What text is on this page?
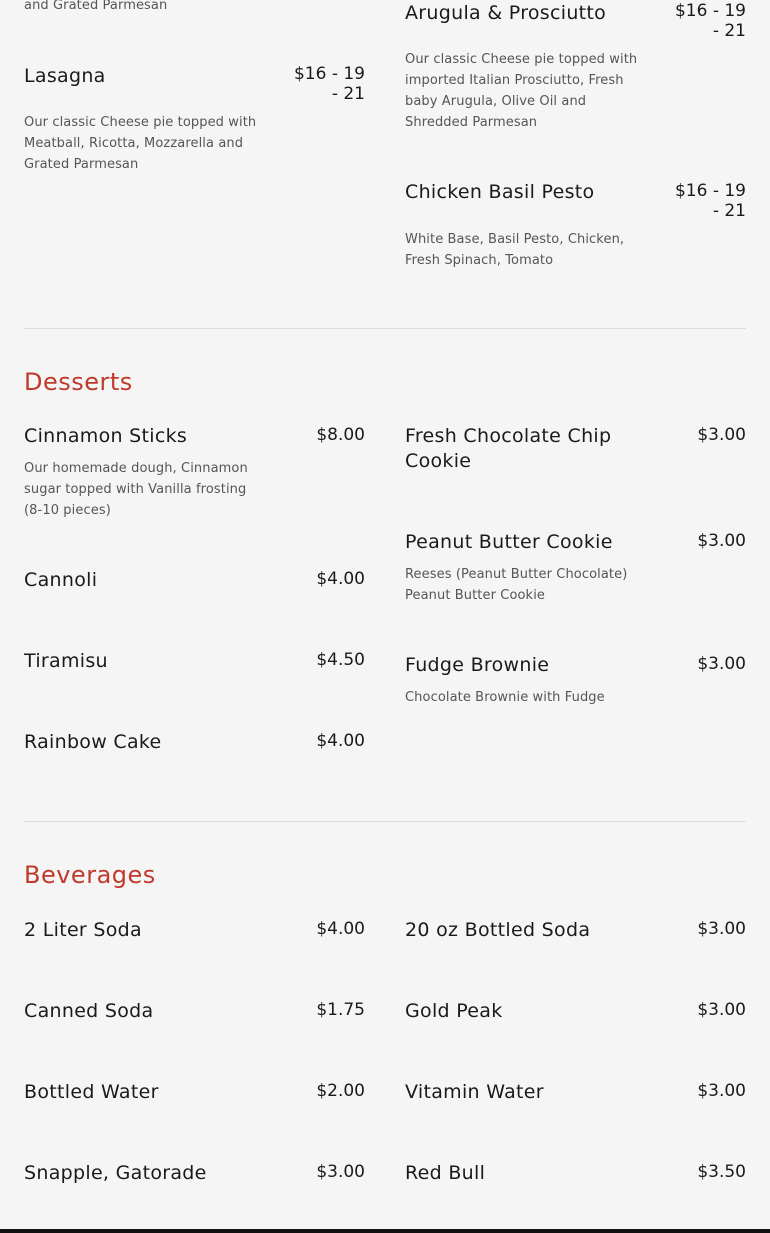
and Grated Parmesan
Lasagna	$16 - 19 - 21
Our classic Cheese pie topped with Meatball, Ricotta, Mozzarella and Grated Parmesan
Arugula & Prosciutto	$16 - 19 - 21
Our classic Cheese pie topped with imported Italian Prosciutto, Fresh baby Arugula, Olive Oil and Shredded Parmesan
Chicken Basil Pesto	$16 - 19 - 21
White Base, Basil Pesto, Chicken, Fresh Spinach, Tomato
Desserts
Cinnamon Sticks	$8.00
Our homemade dough, Cinnamon sugar topped with Vanilla frosting (8-10 pieces)
Cannoli	$4.00
Tiramisu	$4.50
Rainbow Cake	$4.00
Fresh Chocolate Chip Cookie
$3.00
Peanut Butter Cookie	$3.00
Reeses (Peanut Butter Chocolate) Peanut Butter Cookie
Fudge Brownie	$3.00
Chocolate Brownie with Fudge
Beverages
2 Liter Soda	$4.00
Canned Soda	$1.75
Bottled Water	$2.00
Snapple, Gatorade	$3.00
20 oz Bottled Soda	$3.00
Gold Peak	$3.00
Vitamin Water	$3.00
Red Bull	$3.50
